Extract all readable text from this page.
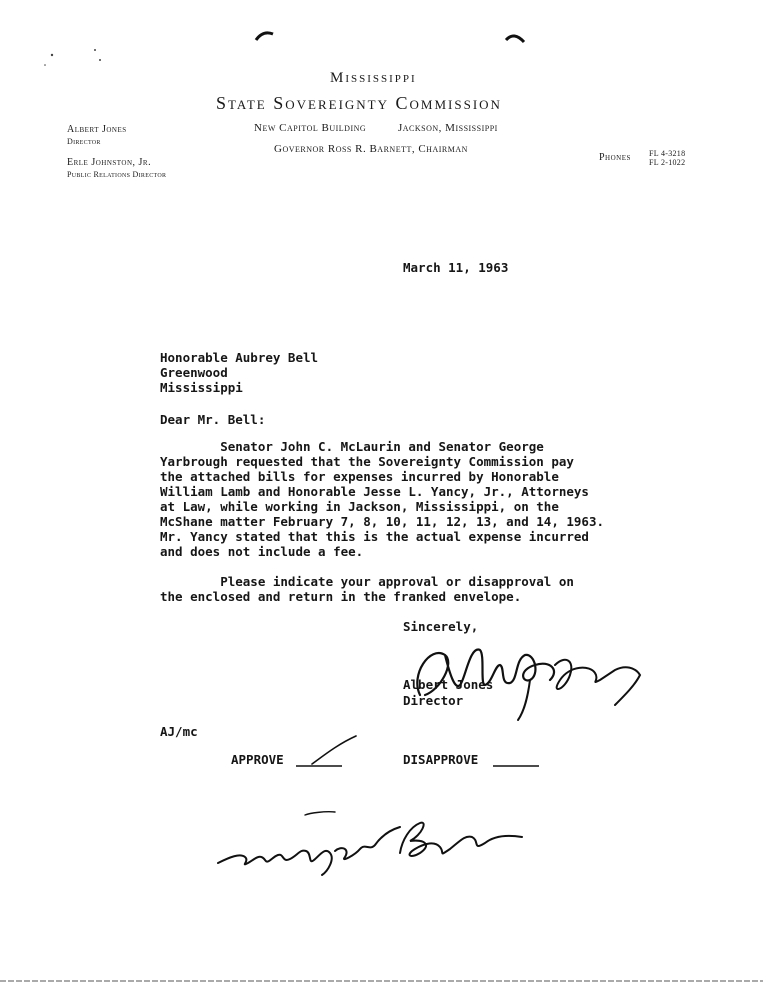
Mississippi
State Sovereignty Commission
New Capitol Building	Jackson, Mississippi
Governor Ross R. Barnett, Chairman
Albert Jones
Director
Erle Johnston, Jr.
Public Relations Director
Phones FL 4-3218
FL 2-1022
March 11, 1963
Honorable Aubrey Bell
Greenwood
Mississippi
Dear Mr. Bell:
Senator John C. McLaurin and Senator George
Yarbrough requested that the Sovereignty Commission pay
the attached bills for expenses incurred by Honorable
William Lamb and Honorable Jesse L. Yancy, Jr., Attorneys
at Law, while working in Jackson, Mississippi, on the
McShane matter February 7, 8, 10, 11, 12, 13, and 14, 1963.
Mr. Yancy stated that this is the actual expense incurred
and does not include a fee.
Please indicate your approval or disapproval on
the enclosed and return in the franked envelope.
Sincerely,
Albert Jones
Director
AJ/mc
APPROVE	DISAPPROVE
